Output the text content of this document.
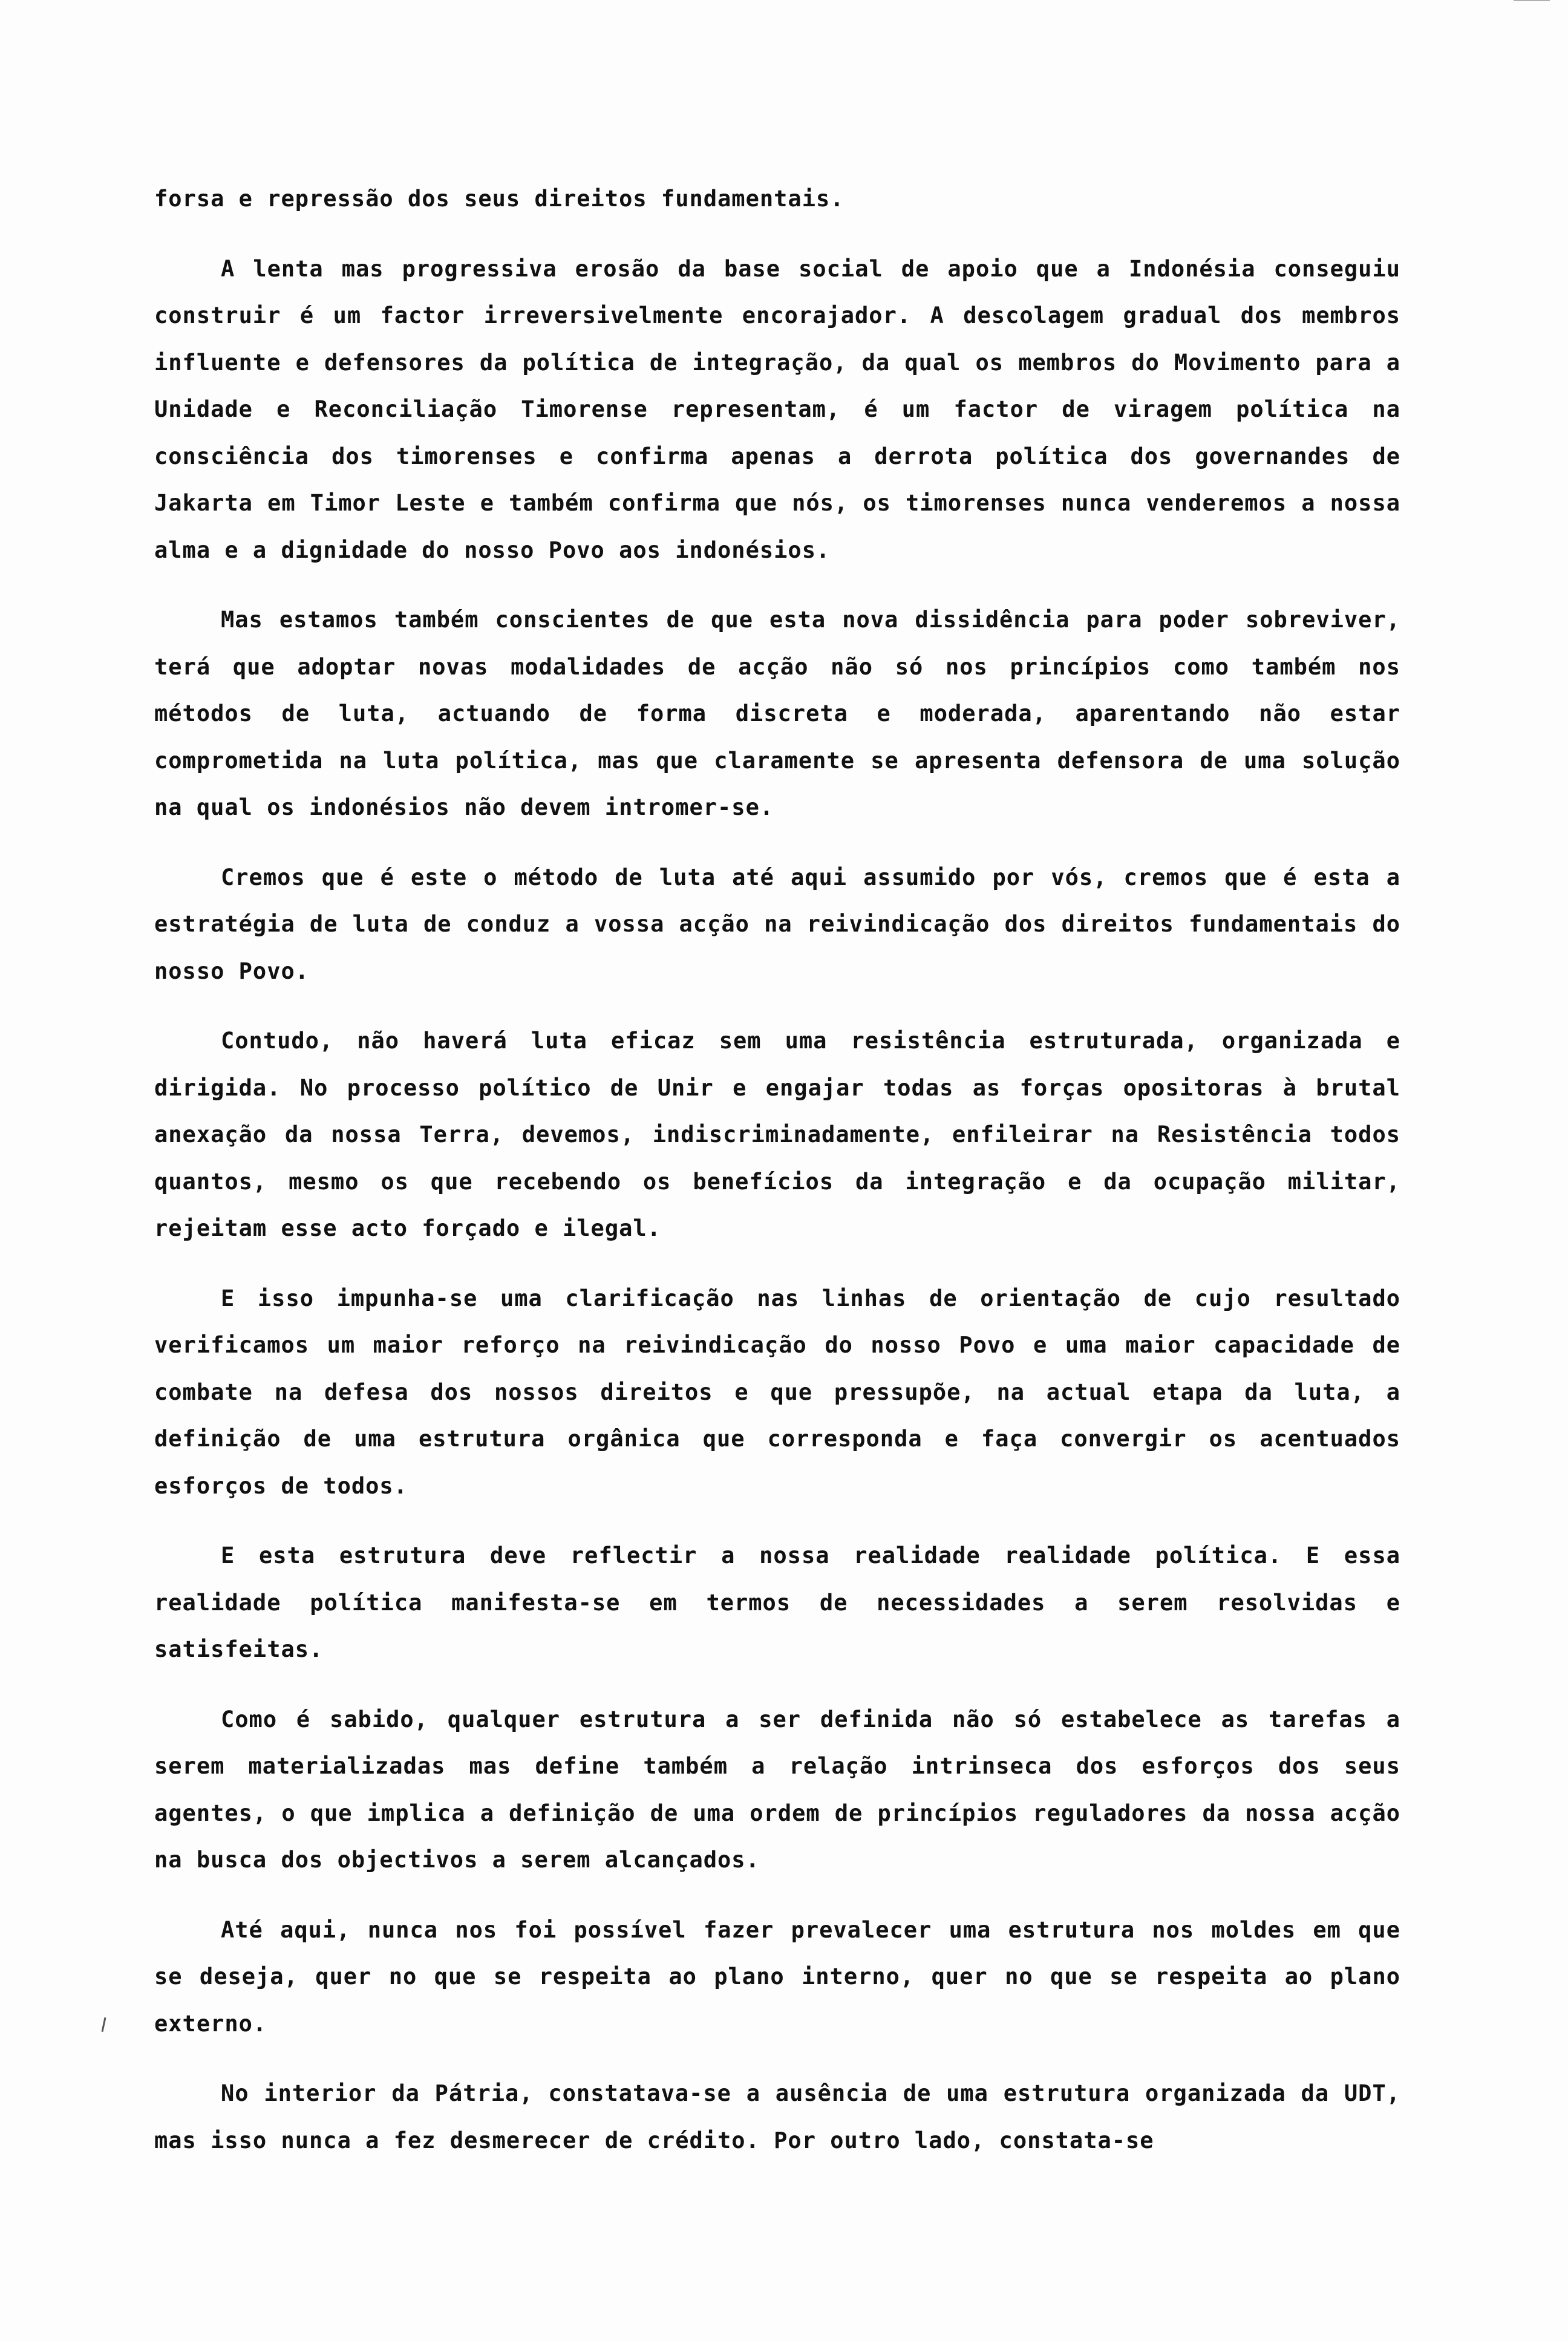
forsa e repressão dos seus direitos fundamentais.

A lenta mas progressiva erosão da base social de apoio que a Indonésia conseguiu construir é um factor irreversivelmente encorajador. A descolagem gradual dos membros influente e defensores da política de integração, da qual os membros do Movimento para a Unidade e Reconciliação Timorense representam, é um factor de viragem política na consciência dos timorenses e confirma apenas a derrota política dos governandes de Jakarta em Timor Leste e também confirma que nós, os timorenses nunca venderemos a nossa alma e a dignidade do nosso Povo aos indonésios.

Mas estamos também conscientes de que esta nova dissidência para poder sobreviver, terá que adoptar novas modalidades de acção não só nos princípios como também nos métodos de luta, actuando de forma discreta e moderada, aparentando não estar comprometida na luta política, mas que claramente se apresenta defensora de uma solução na qual os indonésios não devem intromer-se.

Cremos que é este o método de luta até aqui assumido por vós, cremos que é esta a estratégia de luta de conduz a vossa acção na reivindicação dos direitos fundamentais do nosso Povo.

Contudo, não haverá luta eficaz sem uma resistência estruturada, organizada e dirigida. No processo político de Unir e engajar todas as forças opositoras à brutal anexação da nossa Terra, devemos, indiscriminadamente, enfileirar na Resistência todos quantos, mesmo os que recebendo os benefícios da integração e da ocupação militar, rejeitam esse acto forçado e ilegal.

E isso impunha-se uma clarificação nas linhas de orientação de cujo resultado verificamos um maior reforço na reivindicação do nosso Povo e uma maior capacidade de combate na defesa dos nossos direitos e que pressupõe, na actual etapa da luta, a definição de uma estrutura orgânica que corresponda e faça convergir os acentuados esforços de todos.

E esta estrutura deve reflectir a nossa realidade realidade política. E essa realidade política manifesta-se em termos de necessidades a serem resolvidas e satisfeitas.

Como é sabido, qualquer estrutura a ser definida não só estabelece as tarefas a serem materializadas mas define também a relação intrinseca dos esforços dos seus agentes, o que implica a definição de uma ordem de princípios reguladores da nossa acção na busca dos objectivos a serem alcançados.

Até aqui, nunca nos foi possível fazer prevalecer uma estrutura nos moldes em que se deseja, quer no que se respeita ao plano interno, quer no que se respeita ao plano externo.

No interior da Pátria, constatava-se a ausência de uma estrutura organizada da UDT, mas isso nunca a fez desmerecer de crédito. Por outro lado, constata-se
